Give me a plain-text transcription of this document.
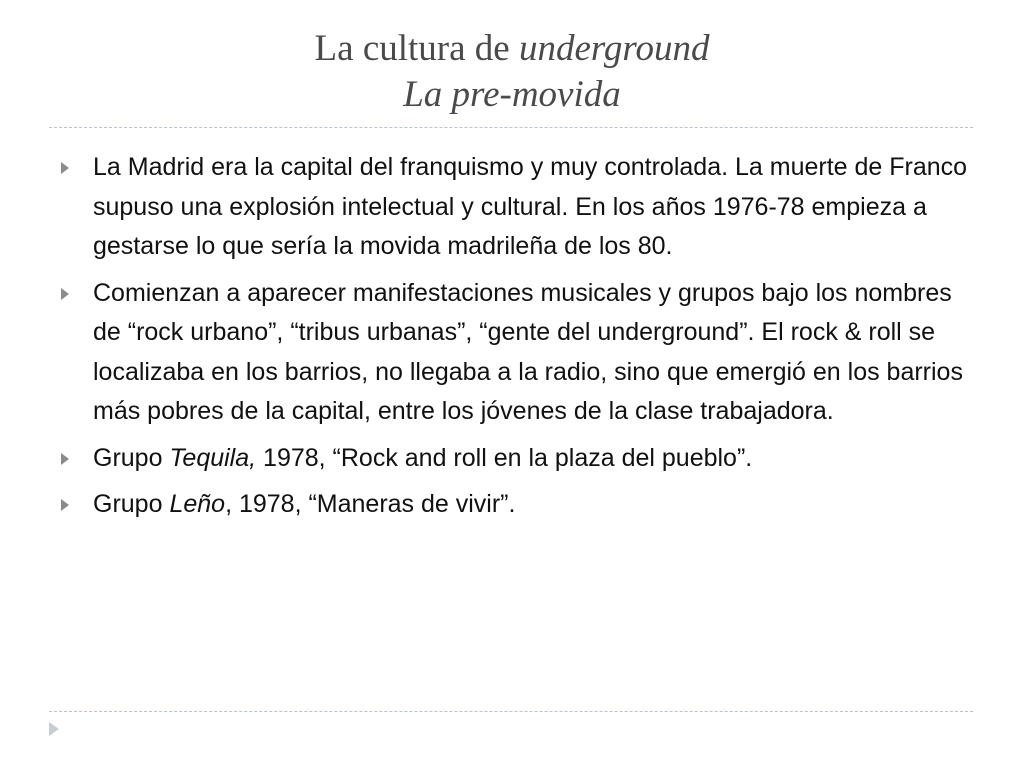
La cultura de underground
La pre-movida
La Madrid era la capital del franquismo y muy controlada. La muerte de Franco supuso una explosión intelectual y cultural. En los años 1976-78 empieza a gestarse lo que sería la movida madrileña de los 80.
Comienzan a aparecer manifestaciones musicales y grupos bajo los nombres de “rock urbano”, “tribus urbanas”, “gente del underground”. El rock & roll se localizaba en los barrios, no llegaba a la radio, sino que emergió en los barrios más pobres de la capital, entre los jóvenes de la clase trabajadora.
Grupo Tequila, 1978, “Rock and roll en la plaza del pueblo”.
Grupo Leño, 1978, “Maneras de vivir”.
